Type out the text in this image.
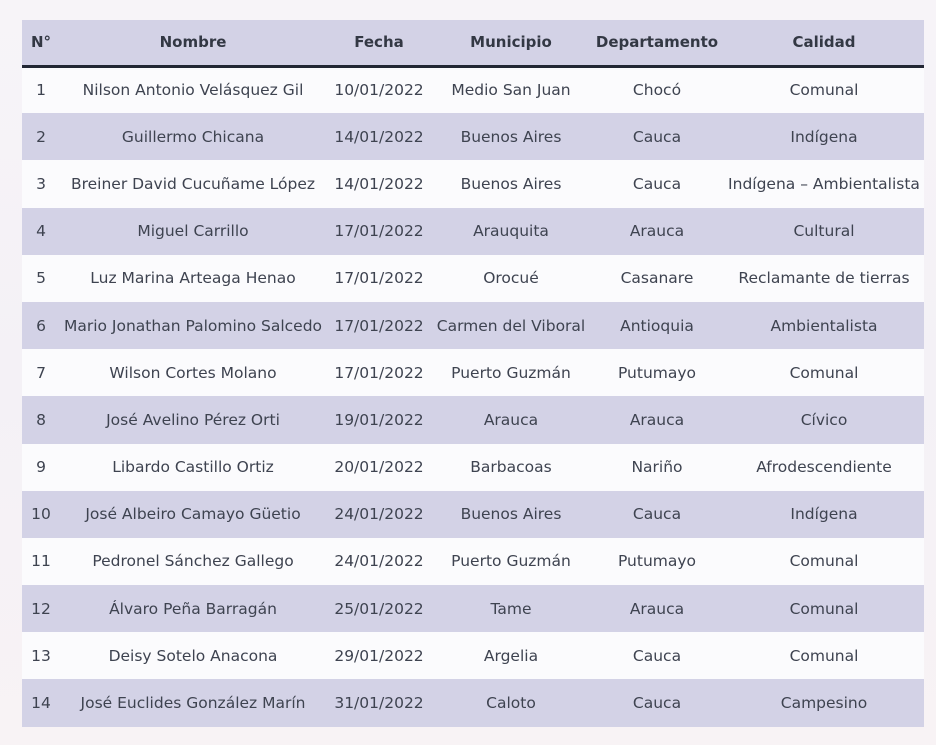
N°	Nombre	Fecha	Municipio	Departamento	Calidad
1	Nilson Antonio Velásquez Gil	10/01/2022	Medio San Juan	Chocó	Comunal
2	Guillermo Chicana	14/01/2022	Buenos Aires	Cauca	Indígena
3	Breiner David Cucuñame López	14/01/2022	Buenos Aires	Cauca	Indígena – Ambientalista
4	Miguel Carrillo	17/01/2022	Arauquita	Arauca	Cultural
5	Luz Marina Arteaga Henao	17/01/2022	Orocué	Casanare	Reclamante de tierras
6	Mario Jonathan Palomino Salcedo	17/01/2022	Carmen del Viboral	Antioquia	Ambientalista
7	Wilson Cortes Molano	17/01/2022	Puerto Guzmán	Putumayo	Comunal
8	José Avelino Pérez Orti	19/01/2022	Arauca	Arauca	Cívico
9	Libardo Castillo Ortiz	20/01/2022	Barbacoas	Nariño	Afrodescendiente
10	José Albeiro Camayo Güetio	24/01/2022	Buenos Aires	Cauca	Indígena
11	Pedronel Sánchez Gallego	24/01/2022	Puerto Guzmán	Putumayo	Comunal
12	Álvaro Peña Barragán	25/01/2022	Tame	Arauca	Comunal
13	Deisy Sotelo Anacona	29/01/2022	Argelia	Cauca	Comunal
14	José Euclides González Marín	31/01/2022	Caloto	Cauca	Campesino
